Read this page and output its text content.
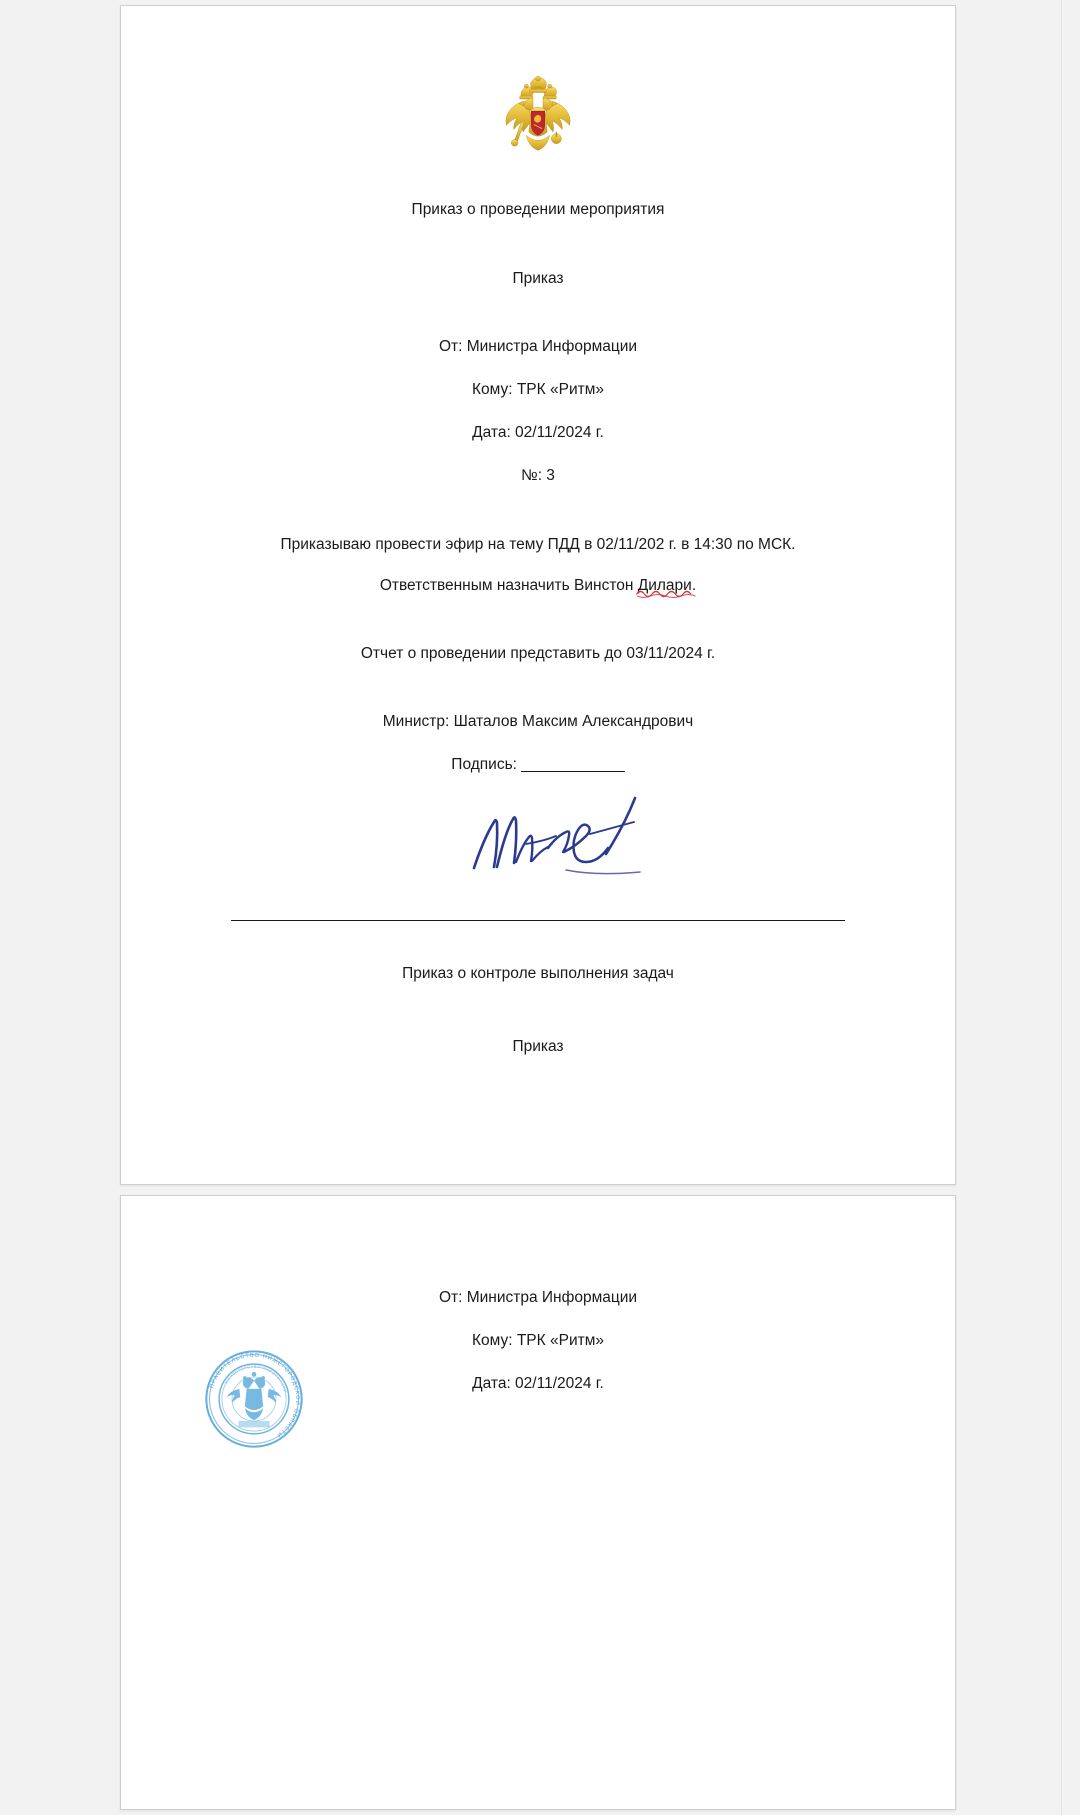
Приказ о проведении мероприятия
Приказ
От: Министра Информации
Кому: ТРК «Ритм»
Дата: 02/11/2024 г.
№: 3
Приказываю провести эфир на тему ПДД в 02/11/202 г. в 14:30 по МСК.
Ответственным назначить Винстон Дилари.
Отчет о проведении представить до 03/11/2024 г.
Министр: Шаталов Максим Александрович
Подпись: ____________
Приказ о контроле выполнения задач
Приказ
От: Министра Информации
Кому: ТРК «Ритм»
Дата: 02/11/2024 г.
ПРАВИТЕЛЬСТВО НИЖЕГОРОДСКОЙ ОБЛАСТИ
МИНИСТЕРСТВО ИНФОРМАЦИИ
